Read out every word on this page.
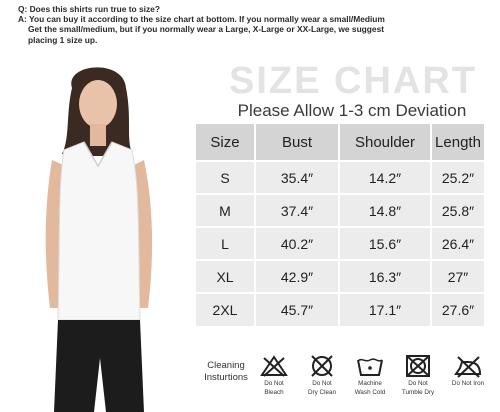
Q: Does this shirts run true to size?
A: You can buy it according to the size chart at bottom. If you normally wear a small/Medium
Get the small/medium, but if you normally wear a Large, X-Large or XX-Large, we suggest
placing 1 size up.
SIZE CHART
Please Allow 1-3 cm Deviation
Size	Bust	Shoulder	Length
S	35.4″	14.2″	25.2″
M	37.4″	14.8″	25.8″
L	40.2″	15.6″	26.4″
XL	42.9″	16.3″	27″
2XL	45.7″	17.1″	27.6″
Cleaning
Insturtions
Do Not
Bleach
Do Not
Dry Clean
Machine
Wash Cold
Do Not
Tumble Dry
Do Not Iron
